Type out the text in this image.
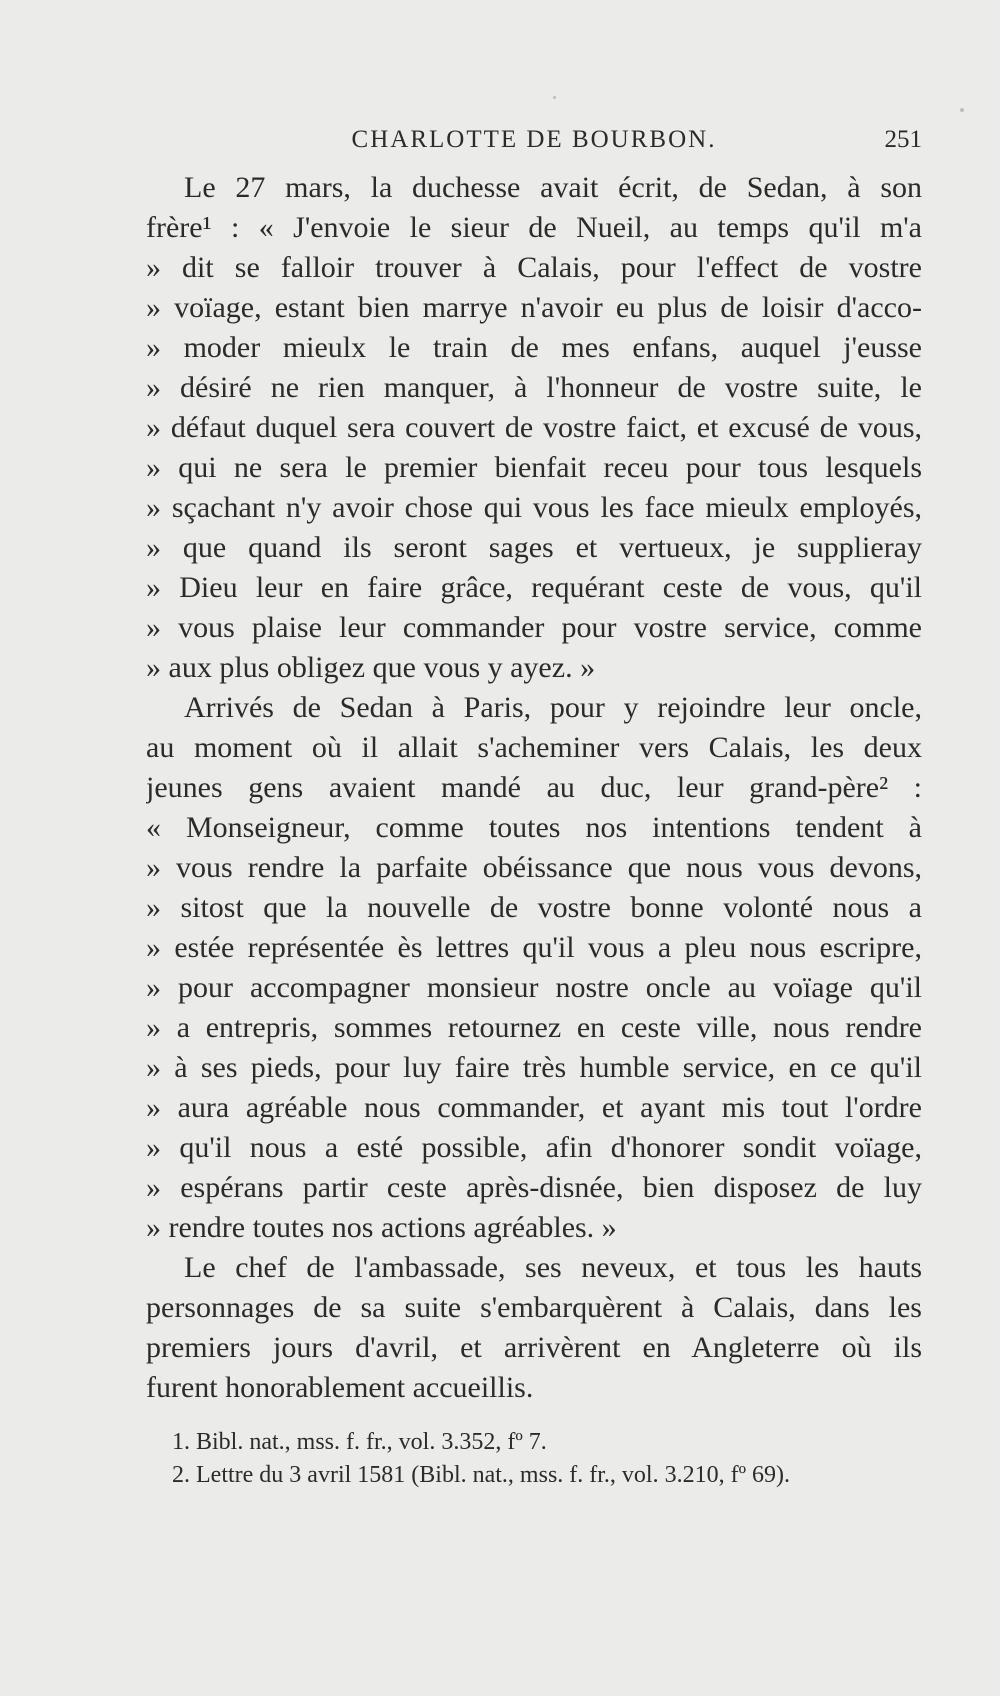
CHARLOTTE DE BOURBON.	251
Le 27 mars, la duchesse avait écrit, de Sedan, à son
frère¹ : « J'envoie le sieur de Nueil, au temps qu'il m'a
» dit se falloir trouver à Calais, pour l'effect de vostre
» voïage, estant bien marrye n'avoir eu plus de loisir d'acco-
» moder mieulx le train de mes enfans, auquel j'eusse
» désiré ne rien manquer, à l'honneur de vostre suite, le
» défaut duquel sera couvert de vostre faict, et excusé de vous,
» qui ne sera le premier bienfait receu pour tous lesquels
» sçachant n'y avoir chose qui vous les face mieulx employés,
» que quand ils seront sages et vertueux, je supplieray
» Dieu leur en faire grâce, requérant ceste de vous, qu'il
» vous plaise leur commander pour vostre service, comme
» aux plus obligez que vous y ayez. »
Arrivés de Sedan à Paris, pour y rejoindre leur oncle,
au moment où il allait s'acheminer vers Calais, les deux
jeunes gens avaient mandé au duc, leur grand-père² :
« Monseigneur, comme toutes nos intentions tendent à
» vous rendre la parfaite obéissance que nous vous devons,
» sitost que la nouvelle de vostre bonne volonté nous a
» estée représentée ès lettres qu'il vous a pleu nous escripre,
» pour accompagner monsieur nostre oncle au voïage qu'il
» a entrepris, sommes retournez en ceste ville, nous rendre
» à ses pieds, pour luy faire très humble service, en ce qu'il
» aura agréable nous commander, et ayant mis tout l'ordre
» qu'il nous a esté possible, afin d'honorer sondit voïage,
» espérans partir ceste après-disnée, bien disposez de luy
» rendre toutes nos actions agréables. »
Le chef de l'ambassade, ses neveux, et tous les hauts
personnages de sa suite s'embarquèrent à Calais, dans les
premiers jours d'avril, et arrivèrent en Angleterre où ils
furent honorablement accueillis.
1. Bibl. nat., mss. f. fr., vol. 3.352, fº 7.
2. Lettre du 3 avril 1581 (Bibl. nat., mss. f. fr., vol. 3.210, fº 69).
